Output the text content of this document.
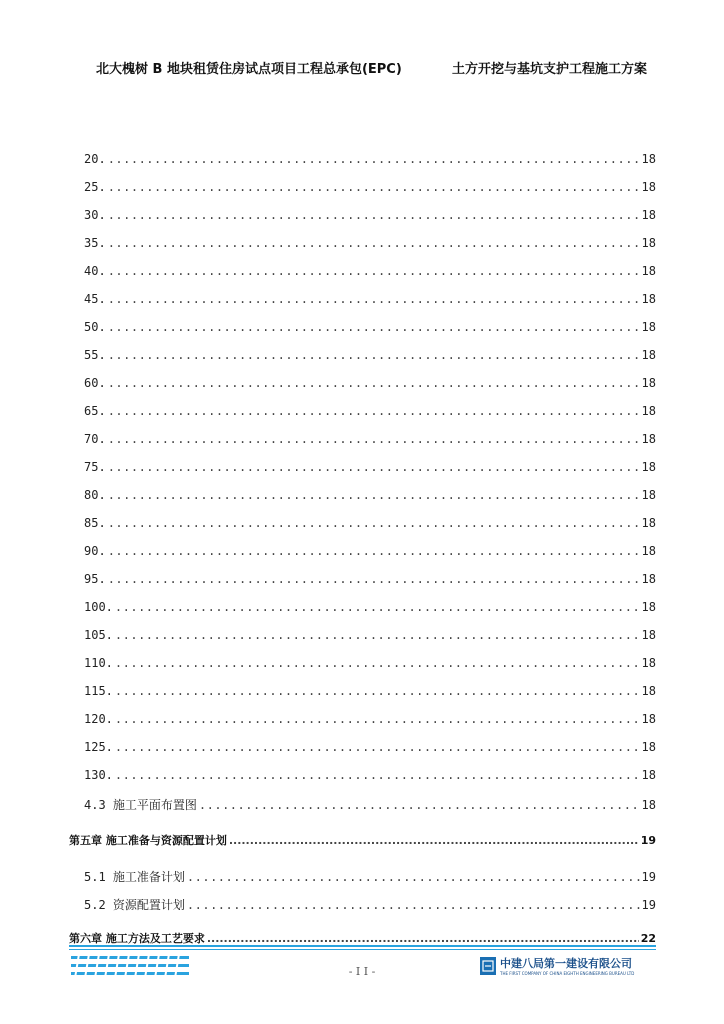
北大槐树 B 地块租赁住房试点项目工程总承包(EPC)	土方开挖与基坑支护工程施工方案
20. .....	18
25. .....	18
30. .....	18
35. .....	18
40. .....	18
45. .....	18
50. .....	18
55. .....	18
60. .....	18
65. .....	18
70. .....	18
75. .....	18
80. .....	18
85. .....	18
90. .....	18
95. .....	18
100. .....	18
105. .....	18
110. .....	18
115. .....	18
120. .....	18
125. .....	18
130. .....	18
4.3 施工平面布置图 .....	18
第五章 施工准备与资源配置计划 .....	19
5.1 施工准备计划 .....	19
5.2 资源配置计划 .....	19
第六章 施工方法及工艺要求 .....	22
- I I -
中建八局第一建设有限公司
THE FIRST COMPANY OF CHINA EIGHTH ENGINEERING BUREAU LTD
